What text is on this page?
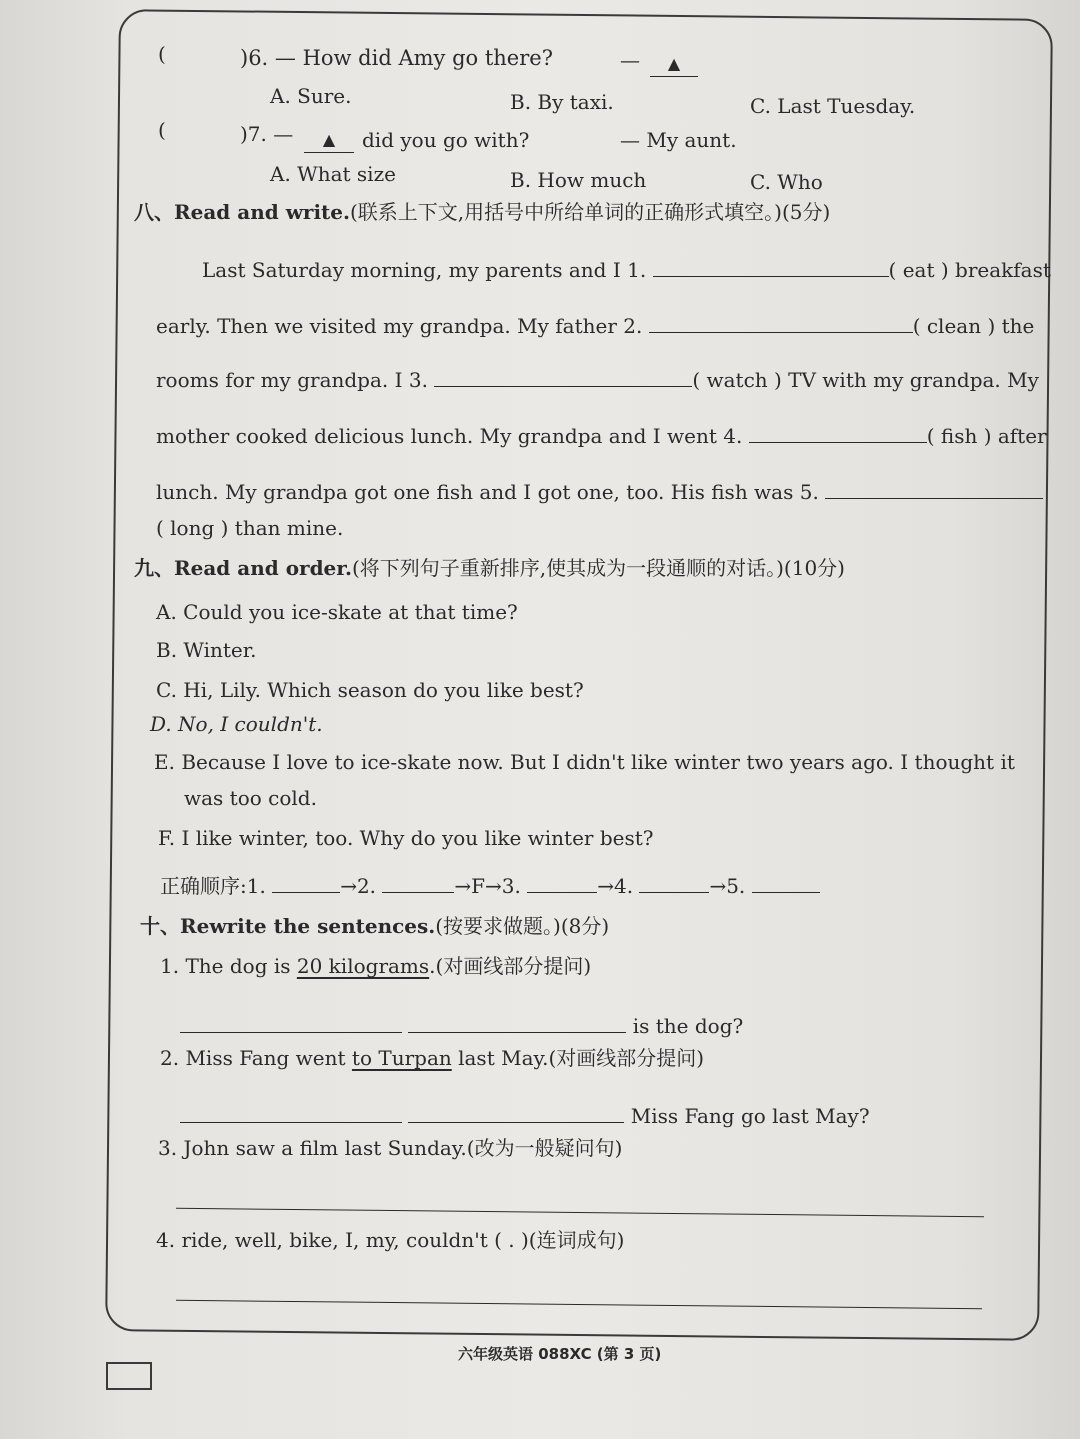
(	)6. — How did Amy go there?	—	▲
A. Sure.	B. By taxi.	C. Last Tuesday.
(	)7. —	▲	did you go with?	— My aunt.
A. What size	B. How much	C. Who
八、Read and write.(联系上下文,用括号中所给单词的正确形式填空。)(5分)
Last Saturday morning, my parents and I 1.	( eat ) breakfast
early. Then we visited my grandpa. My father 2.	( clean ) the
rooms for my grandpa. I 3.	( watch ) TV with my grandpa. My
mother cooked delicious lunch. My grandpa and I went 4.	( fish ) after
lunch. My grandpa got one fish and I got one, too. His fish was 5.
( long ) than mine.
九、Read and order.(将下列句子重新排序,使其成为一段通顺的对话。)(10分)
A. Could you ice-skate at that time?
B. Winter.
C. Hi, Lily. Which season do you like best?
D. No, I couldn't.
E. Because I love to ice-skate now. But I didn't like winter two years ago. I thought it
was too cold.
F. I like winter, too. Why do you like winter best?
正确顺序:1.	→2.	→F→3.	→4.	→5.
十、Rewrite the sentences.(按要求做题。)(8分)
1. The dog is 20 kilograms.(对画线部分提问)
is the dog?
2. Miss Fang went to Turpan last May.(对画线部分提问)
Miss Fang go last May?
3. John saw a film last Sunday.(改为一般疑问句)
4. ride, well, bike, I, my, couldn't ( . )(连词成句)
六年级英语 088XC (第 3 页)
